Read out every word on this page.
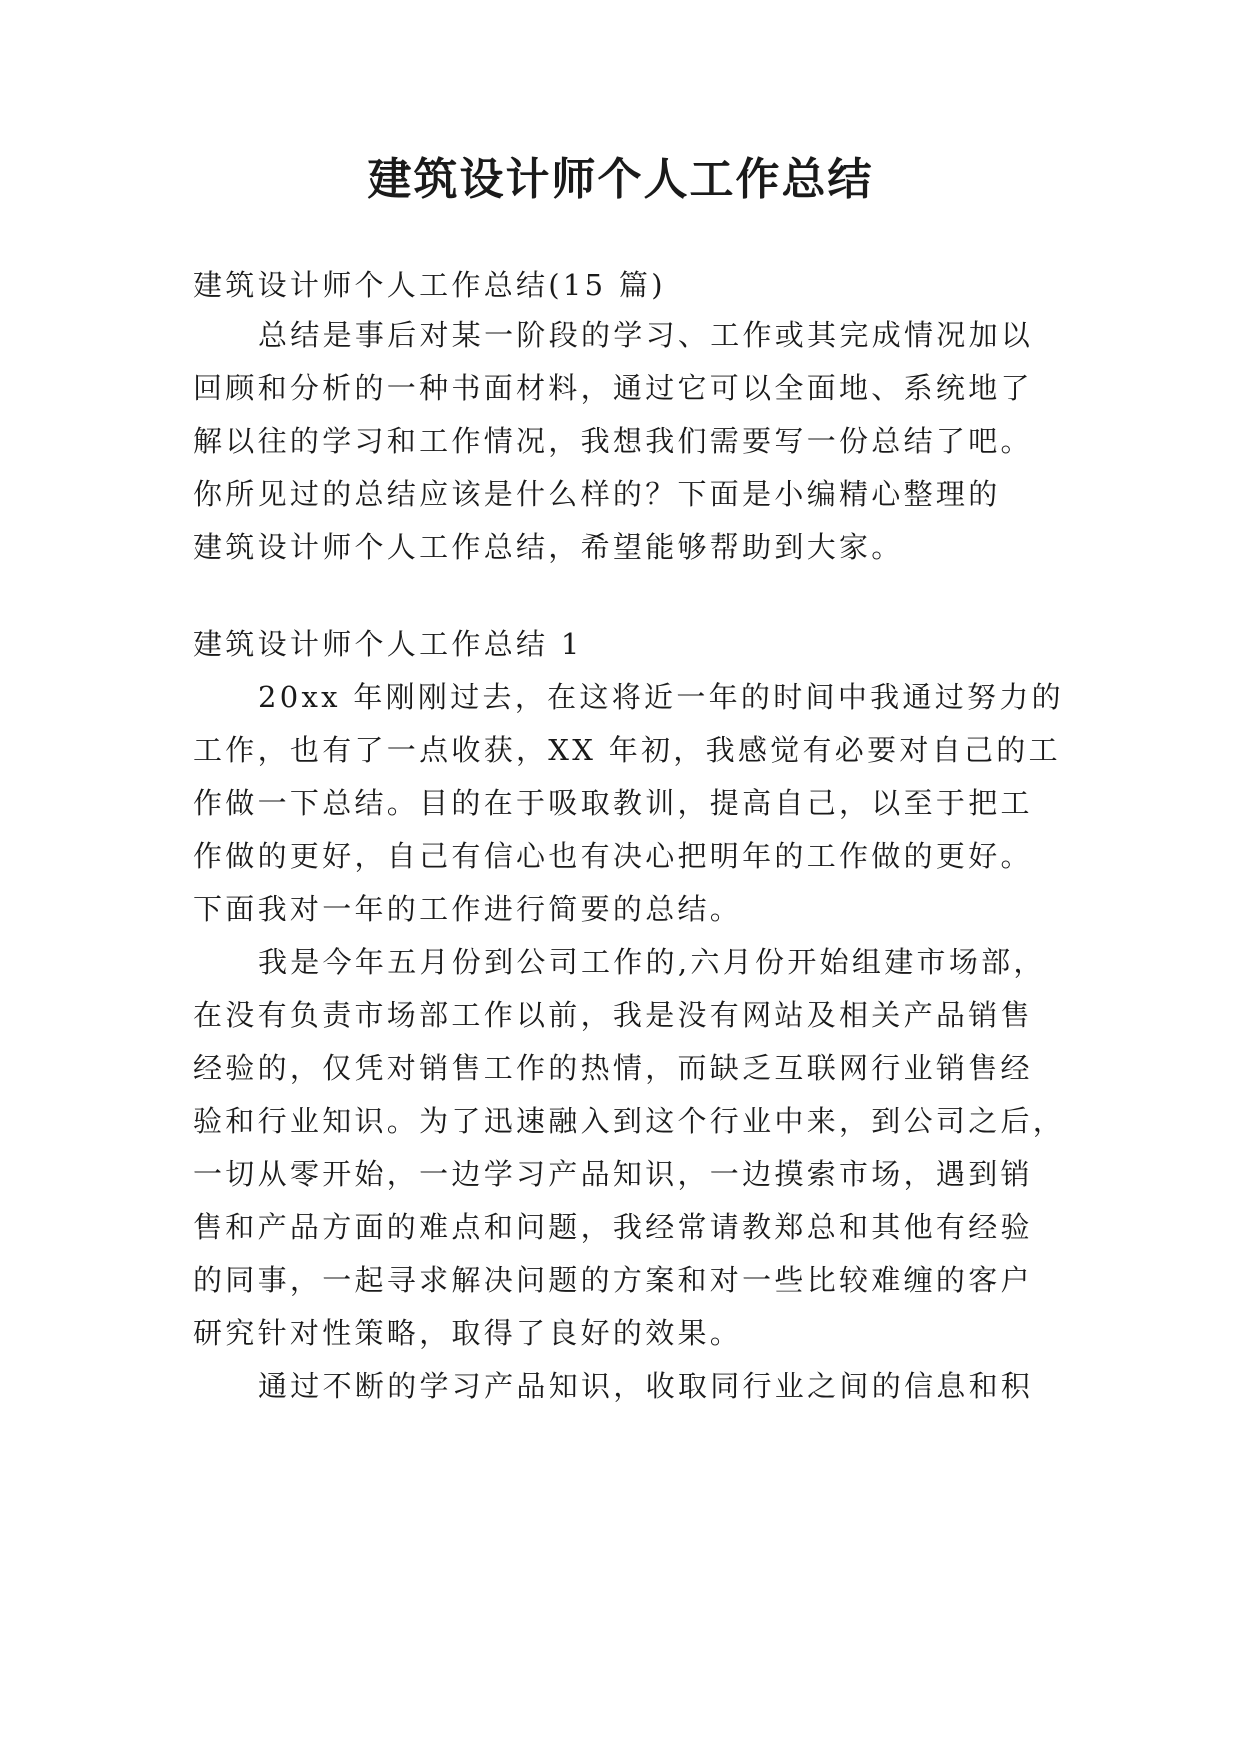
建筑设计师个人工作总结
建筑设计师个人工作总结(15 篇)
总结是事后对某一阶段的学习、工作或其完成情况加以
回顾和分析的一种书面材料，通过它可以全面地、系统地了
解以往的学习和工作情况，我想我们需要写一份总结了吧。
你所见过的总结应该是什么样的？下面是小编精心整理的
建筑设计师个人工作总结，希望能够帮助到大家。
建筑设计师个人工作总结 1
20xx 年刚刚过去，在这将近一年的时间中我通过努力的
工作，也有了一点收获，XX 年初，我感觉有必要对自己的工
作做一下总结。目的在于吸取教训，提高自己，以至于把工
作做的更好，自己有信心也有决心把明年的工作做的更好。
下面我对一年的工作进行简要的总结。
我是今年五月份到公司工作的,六月份开始组建市场部，
在没有负责市场部工作以前，我是没有网站及相关产品销售
经验的，仅凭对销售工作的热情，而缺乏互联网行业销售经
验和行业知识。为了迅速融入到这个行业中来，到公司之后，
一切从零开始，一边学习产品知识，一边摸索市场，遇到销
售和产品方面的难点和问题，我经常请教郑总和其他有经验
的同事，一起寻求解决问题的方案和对一些比较难缠的客户
研究针对性策略，取得了良好的效果。
通过不断的学习产品知识，收取同行业之间的信息和积
